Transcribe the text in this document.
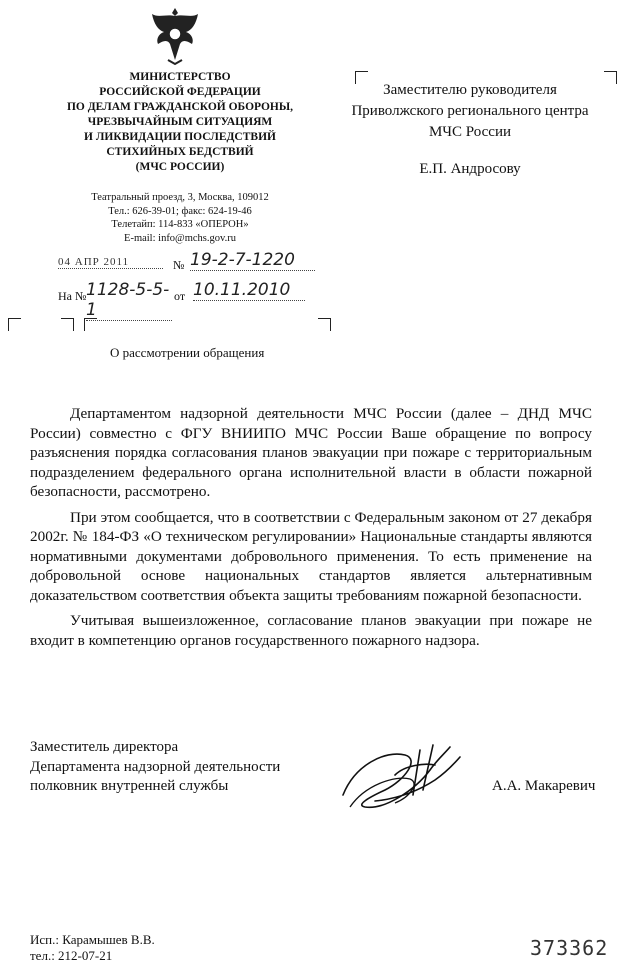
МИНИСТЕРСТВО
РОССИЙСКОЙ ФЕДЕРАЦИИ
ПО ДЕЛАМ ГРАЖДАНСКОЙ ОБОРОНЫ,
ЧРЕЗВЫЧАЙНЫМ СИТУАЦИЯМ
И ЛИКВИДАЦИИ ПОСЛЕДСТВИЙ
СТИХИЙНЫХ БЕДСТВИЙ
(МЧС РОССИИ)
Театральный проезд, 3, Москва, 109012
Тел.: 626-39-01; факс: 624-19-46
Телетайп: 114-833 «ОПЕРОН»
E-mail: info@mchs.gov.ru
04 АПР 2011	№ 19-2-7-1220
На № 1128-5-5-1
от 10.11.2010
Заместителю руководителя
Приволжского регионального центра
МЧС России
Е.П. Андросову
О рассмотрении обращения

Департаментом надзорной деятельности МЧС России (далее – ДНД МЧС России) совместно с ФГУ ВНИИПО МЧС России Ваше обращение по вопросу разъяснения порядка согласования планов эвакуации при пожаре с территориальным подразделением федерального органа исполнительной власти в области пожарной безопасности, рассмотрено.

При этом сообщается, что в соответствии с Федеральным законом от 27 декабря 2002г. № 184-ФЗ «О техническом регулировании» Национальные стандарты являются нормативными документами добровольного применения. То есть применение на добровольной основе национальных стандартов является альтернативным доказательством соответствия объекта защиты требованиям пожарной безопасности.

Учитывая вышеизложенное, согласование планов эвакуации при пожаре не входит в компетенцию органов государственного пожарного надзора.

Заместитель директора
Департамента надзорной деятельности
полковник внутренней службы	А.А. Макаревич
Исп.: Карамышев В.В.
тел.: 212-07-21	373362
